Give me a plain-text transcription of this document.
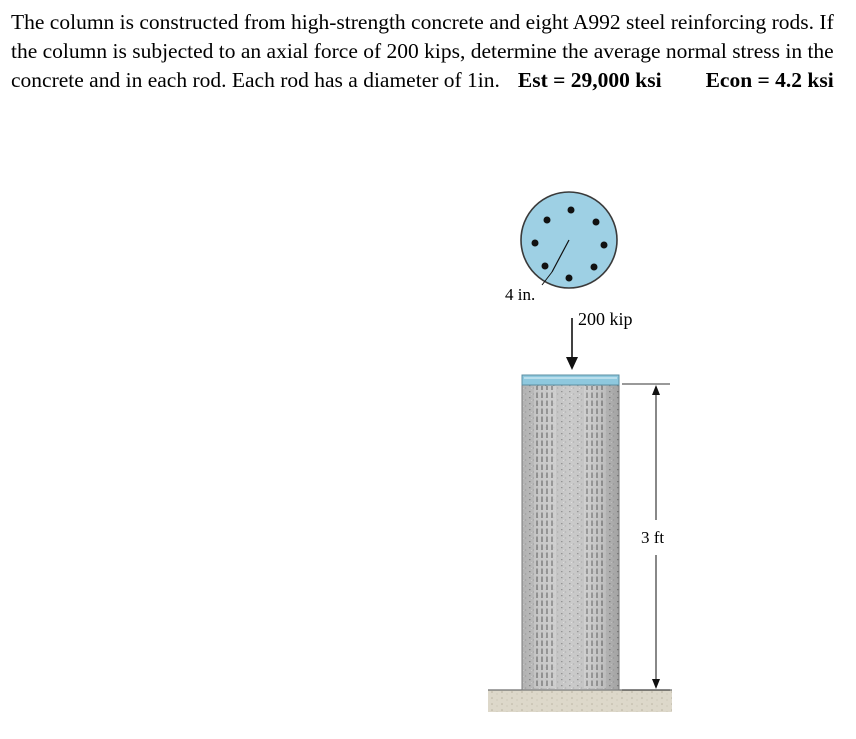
The column is constructed from high-strength concrete and eight A992 steel reinforcing rods. If the column is subjected to an axial force of 200 kips, determine the average normal stress in the concrete and in each rod. Each rod has a diameter of 1in. Est = 29,000 ksi Econ = 4.2 ksi

4 in.
200 kip
3 ft
